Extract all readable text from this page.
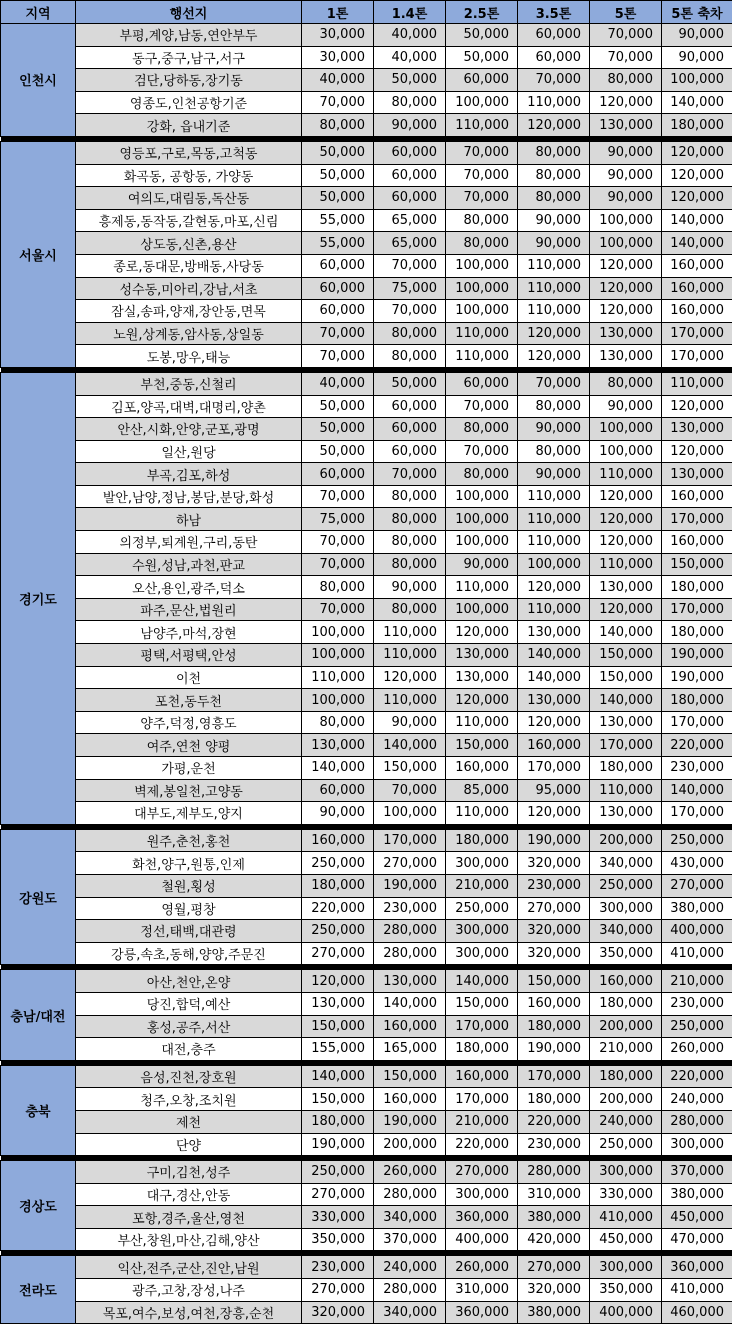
지역	행선지	1톤	1.4톤	2.5톤	3.5톤	5톤	5톤 축차
인천시	부평,계양,남동,연안부두	30,000	40,000	50,000	60,000	70,000	90,000
	동구,중구,남구,서구	30,000	40,000	50,000	60,000	70,000	90,000
	검단,당하동,장기동	40,000	50,000	60,000	70,000	80,000	100,000
	영종도,인천공항기준	70,000	80,000	100,000	110,000	120,000	140,000
	강화, 읍내기준	80,000	90,000	110,000	120,000	130,000	180,000

서울시	영등포,구로,목동,고척동	50,000	60,000	70,000	80,000	90,000	120,000
	화곡동, 공항동, 가양동	50,000	60,000	70,000	80,000	90,000	120,000
	여의도,대림동,독산동	50,000	60,000	70,000	80,000	90,000	120,000
	흥제동,동작동,갈현동,마포,신림	55,000	65,000	80,000	90,000	100,000	140,000
	상도동,신촌,용산	55,000	65,000	80,000	90,000	100,000	140,000
	종로,동대문,방배동,사당동	60,000	70,000	100,000	110,000	120,000	160,000
	성수동,미아리,강남,서초	60,000	75,000	100,000	110,000	120,000	160,000
	잠실,송파,양재,장안동,면목	60,000	70,000	100,000	110,000	120,000	160,000
	노원,상계동,암사동,상일동	70,000	80,000	110,000	120,000	130,000	170,000
	도봉,망우,태능	70,000	80,000	110,000	120,000	130,000	170,000

경기도	부천,중동,신철리	40,000	50,000	60,000	70,000	80,000	110,000
	김포,양곡,대벽,대명리,양촌	50,000	60,000	70,000	80,000	90,000	120,000
	안산,시화,안양,군포,광명	50,000	60,000	80,000	90,000	100,000	130,000
	일산,원당	50,000	60,000	70,000	80,000	100,000	120,000
	부곡,김포,하성	60,000	70,000	80,000	90,000	110,000	130,000
	발안,남양,정남,봉담,분당,화성	70,000	80,000	100,000	110,000	120,000	160,000
	하남	75,000	80,000	100,000	110,000	120,000	170,000
	의정부,퇴계원,구리,동탄	70,000	80,000	100,000	110,000	120,000	160,000
	수원,성남,과천,판교	70,000	80,000	90,000	100,000	110,000	150,000
	오산,용인,광주,덕소	80,000	90,000	110,000	120,000	130,000	180,000
	파주,문산,법원리	70,000	80,000	100,000	110,000	120,000	170,000
	남양주,마석,장현	100,000	110,000	120,000	130,000	140,000	180,000
	평택,서평택,안성	100,000	110,000	130,000	140,000	150,000	190,000
	이천	110,000	120,000	130,000	140,000	150,000	190,000
	포천,동두천	100,000	110,000	120,000	130,000	140,000	180,000
	양주,덕정,영흥도	80,000	90,000	110,000	120,000	130,000	170,000
	여주,연천 양평	130,000	140,000	150,000	160,000	170,000	220,000
	가평,운천	140,000	150,000	160,000	170,000	180,000	230,000
	벽제,봉일천,고양동	60,000	70,000	85,000	95,000	110,000	140,000
	대부도,제부도,양지	90,000	100,000	110,000	120,000	130,000	170,000

강원도	원주,춘천,홍천	160,000	170,000	180,000	190,000	200,000	250,000
	화천,양구,원통,인제	250,000	270,000	300,000	320,000	340,000	430,000
	철원,횡성	180,000	190,000	210,000	230,000	250,000	270,000
	영월,평창	220,000	230,000	250,000	270,000	300,000	380,000
	정선,태백,대관령	250,000	280,000	300,000	320,000	340,000	400,000
	강릉,속초,동해,양양,주문진	270,000	280,000	300,000	320,000	350,000	410,000

충남/대전	아산,천안,온양	120,000	130,000	140,000	150,000	160,000	210,000
	당진,합덕,예산	130,000	140,000	150,000	160,000	180,000	230,000
	홍성,공주,서산	150,000	160,000	170,000	180,000	200,000	250,000
	대전,충주	155,000	165,000	180,000	190,000	210,000	260,000

충북	음성,진천,장호원	140,000	150,000	160,000	170,000	180,000	220,000
	청주,오창,조치원	150,000	160,000	170,000	180,000	200,000	240,000
	제천	180,000	190,000	210,000	220,000	240,000	280,000
	단양	190,000	200,000	220,000	230,000	250,000	300,000

경상도	구미,김천,성주	250,000	260,000	270,000	280,000	300,000	370,000
	대구,경산,안동	270,000	280,000	300,000	310,000	330,000	380,000
	포항,경주,울산,영천	330,000	340,000	360,000	380,000	410,000	450,000
	부산,창원,마산,김해,양산	350,000	370,000	400,000	420,000	450,000	470,000

전라도	익산,전주,군산,진안,남원	230,000	240,000	260,000	270,000	300,000	360,000
	광주,고창,장성,나주	270,000	280,000	310,000	320,000	350,000	410,000
	목포,여수,보성,여천,장흥,순천	320,000	340,000	360,000	380,000	400,000	460,000
